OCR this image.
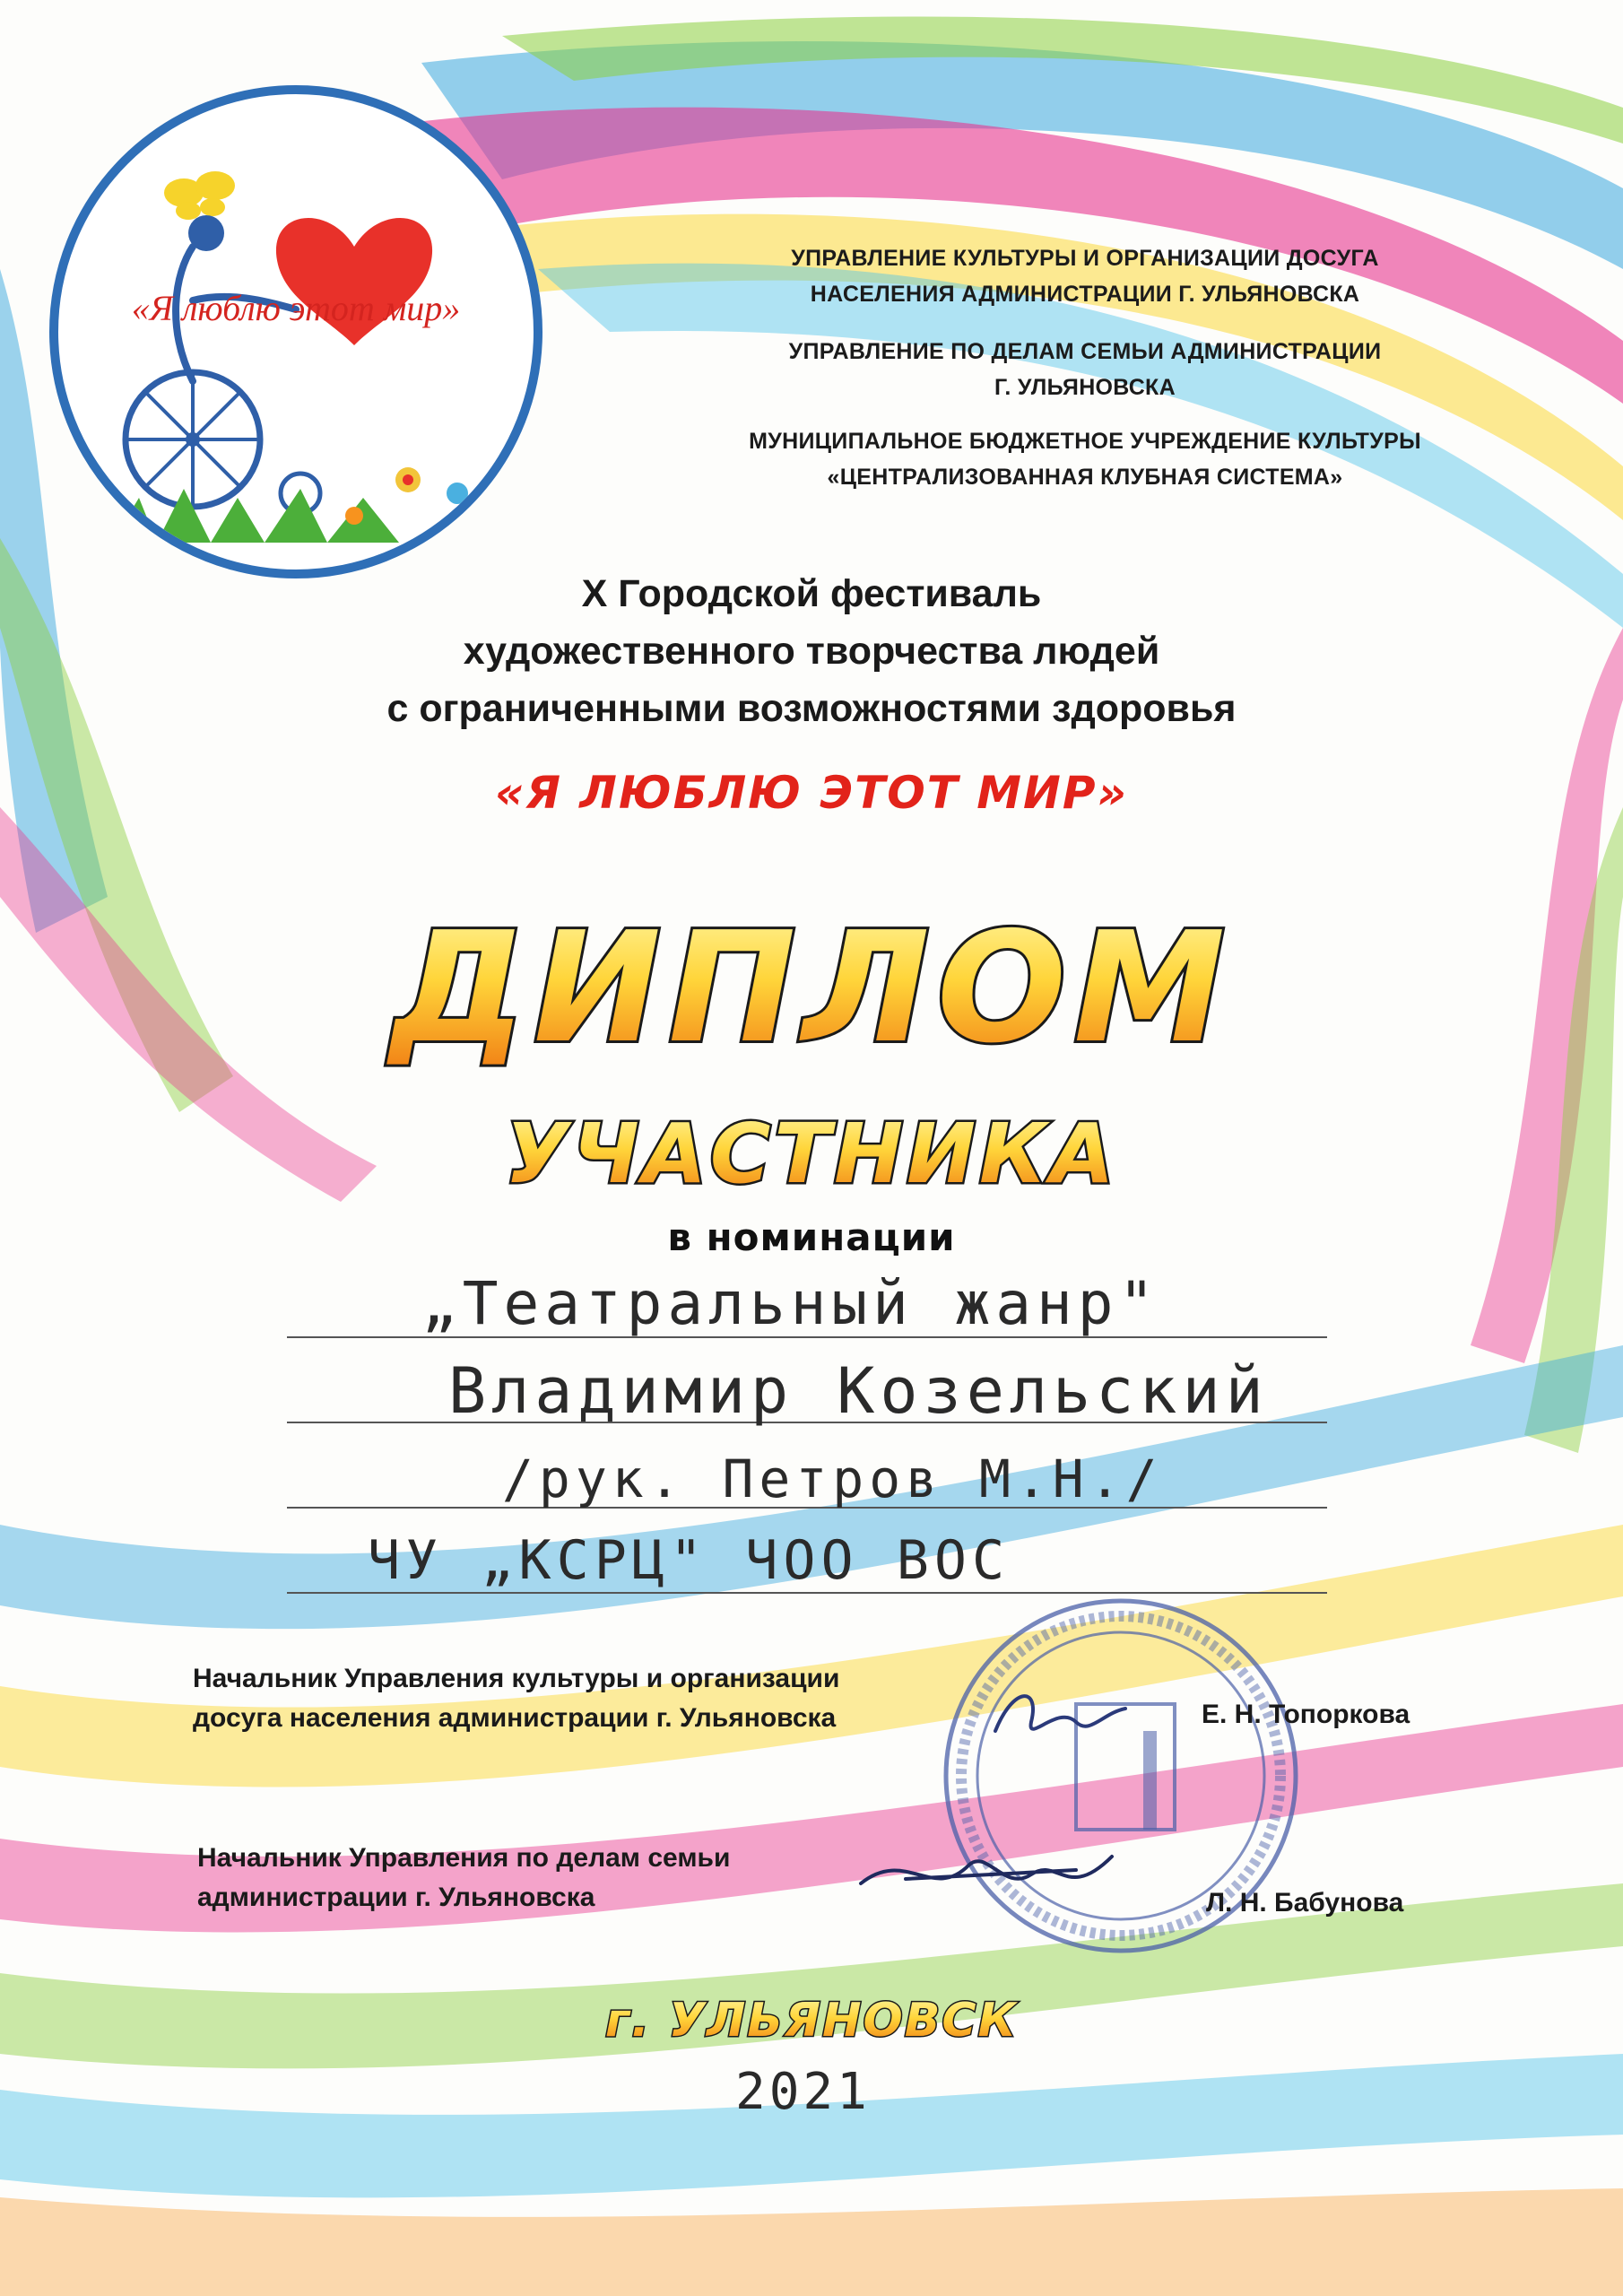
ДИПЛОМ
УЧАСТНИКА
г. УЛЬЯНОВСК
«Я люблю этот мир»
УПРАВЛЕНИЕ КУЛЬТУРЫ И ОРГАНИЗАЦИИ ДОСУГА
НАСЕЛЕНИЯ АДМИНИСТРАЦИИ Г. УЛЬЯНОВСКА
УПРАВЛЕНИЕ ПО ДЕЛАМ СЕМЬИ АДМИНИСТРАЦИИ
Г. УЛЬЯНОВСКА
МУНИЦИПАЛЬНОЕ БЮДЖЕТНОЕ УЧРЕЖДЕНИЕ КУЛЬТУРЫ
«ЦЕНТРАЛИЗОВАННАЯ КЛУБНАЯ СИСТЕМА»
X Городской фестиваль
художественного творчества людей
с ограниченными возможностями здоровья
«Я ЛЮБЛЮ ЭТОТ МИР»
в номинации
„Театральный жанр"
Владимир Козельский
/рук. Петров М.Н./
ЧУ „КСРЦ" ЧОО ВОС
Начальник Управления культуры и организации
досуга населения администрации г. Ульяновска	Е. Н. Топоркова
Начальник Управления по делам семьи
администрации г. Ульяновска	Л. Н. Бабунова
2021
